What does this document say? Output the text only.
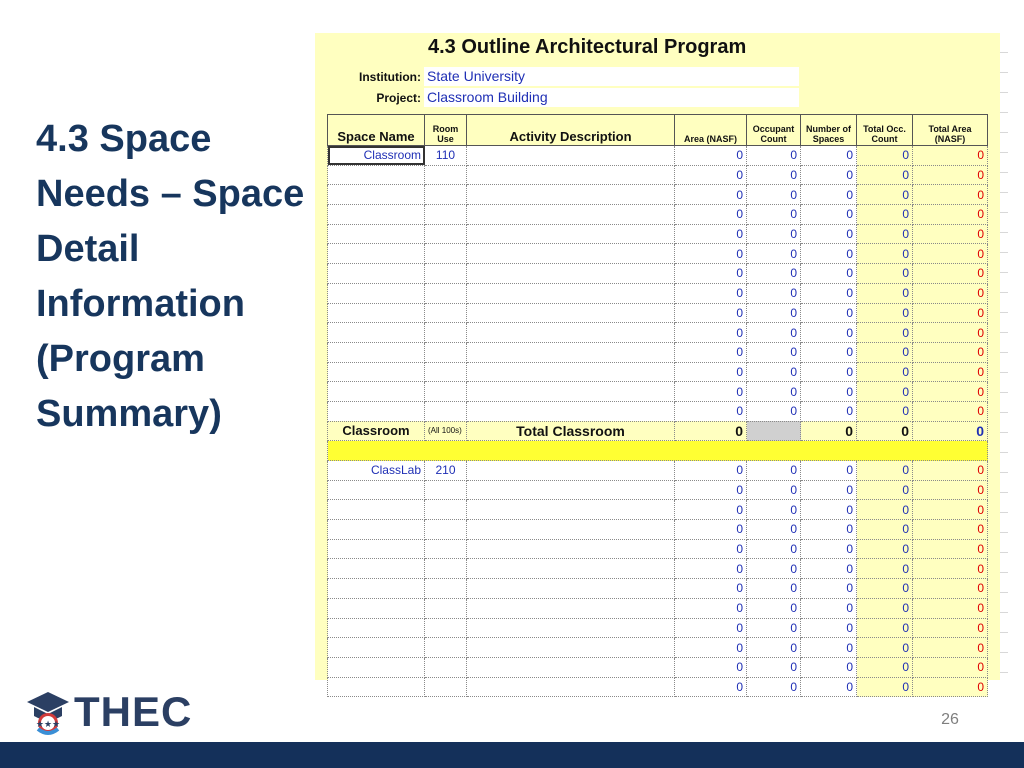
4.3 Space
Needs – Space
Detail
Information
(Program
Summary)
4.3 Outline Architectural Program
Institution: State University
Project: Classroom Building
Space Name	Room Use	Activity Description	Area (NASF)	Occupant Count	Number of Spaces	Total Occ. Count	Total Area (NASF)
Classroom	110		0	0	0	0	0
			0	0	0	0	0
			0	0	0	0	0
			0	0	0	0	0
			0	0	0	0	0
			0	0	0	0	0
			0	0	0	0	0
			0	0	0	0	0
			0	0	0	0	0
			0	0	0	0	0
			0	0	0	0	0
			0	0	0	0	0
			0	0	0	0	0
			0	0	0	0	0
Classroom	(All 100s)	Total Classroom	0		0	0	0

ClassLab	210		0	0	0	0	0
			0	0	0	0	0
			0	0	0	0	0
			0	0	0	0	0
			0	0	0	0	0
			0	0	0	0	0
			0	0	0	0	0
			0	0	0	0	0
			0	0	0	0	0
			0	0	0	0	0
			0	0	0	0	0
			0	0	0	0	0
★★★ THEC	26
